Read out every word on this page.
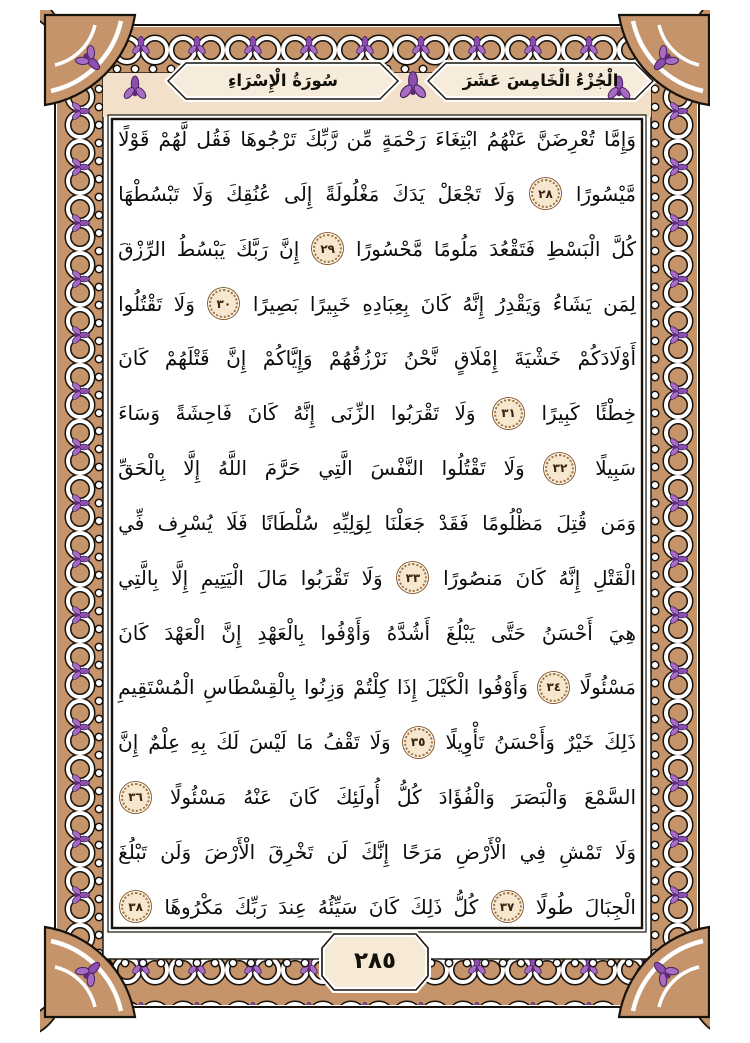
الْجُزْءُ الْخَامِسَ عَشَرَ
سُورَةُ الْإِسْرَاءِ
وَإِمَّا
تُعْرِضَنَّ
عَنْهُمُ
ابْتِغَاءَ
رَحْمَةٍ
مِّن
رَّبِّكَ
تَرْجُوهَا
فَقُل
لَّهُمْ
قَوْلًا
مَّيْسُورًا
٢٨
وَلَا
تَجْعَلْ
يَدَكَ
مَغْلُولَةً
إِلَى
عُنُقِكَ
وَلَا
تَبْسُطْهَا
كُلَّ
الْبَسْطِ
فَتَقْعُدَ
مَلُومًا
مَّحْسُورًا
٢٩
إِنَّ
رَبَّكَ
يَبْسُطُ
الرِّزْقَ
لِمَن
يَشَاءُ
وَيَقْدِرُ
إِنَّهُ
كَانَ
بِعِبَادِهِ
خَبِيرًا
بَصِيرًا
٣٠
وَلَا
تَقْتُلُوا
أَوْلَادَكُمْ
خَشْيَةَ
إِمْلَاقٍ
نَّحْنُ
نَرْزُقُهُمْ
وَإِيَّاكُمْ
إِنَّ
قَتْلَهُمْ
كَانَ
خِطْئًا
كَبِيرًا
٣١
وَلَا
تَقْرَبُوا
الزِّنَى
إِنَّهُ
كَانَ
فَاحِشَةً
وَسَاءَ
سَبِيلًا
٣٢
وَلَا
تَقْتُلُوا
النَّفْسَ
الَّتِي
حَرَّمَ
اللَّهُ
إِلَّا
بِالْحَقِّ
وَمَن
قُتِلَ
مَظْلُومًا
فَقَدْ
جَعَلْنَا
لِوَلِيِّهِ
سُلْطَانًا
فَلَا
يُسْرِف
فِّي
الْقَتْلِ
إِنَّهُ
كَانَ
مَنصُورًا
٣٣
وَلَا
تَقْرَبُوا
مَالَ
الْيَتِيمِ
إِلَّا
بِالَّتِي
هِيَ
أَحْسَنُ
حَتَّى
يَبْلُغَ
أَشُدَّهُ
وَأَوْفُوا
بِالْعَهْدِ
إِنَّ
الْعَهْدَ
كَانَ
مَسْئُولًا
٣٤
وَأَوْفُوا
الْكَيْلَ
إِذَا
كِلْتُمْ
وَزِنُوا
بِالْقِسْطَاسِ
الْمُسْتَقِيمِ
ذَلِكَ
خَيْرٌ
وَأَحْسَنُ
تَأْوِيلًا
٣٥
وَلَا
تَقْفُ
مَا
لَيْسَ
لَكَ
بِهِ
عِلْمٌ
إِنَّ
السَّمْعَ
وَالْبَصَرَ
وَالْفُؤَادَ
كُلُّ
أُولَئِكَ
كَانَ
عَنْهُ
مَسْئُولًا
٣٦
وَلَا
تَمْشِ
فِي
الْأَرْضِ
مَرَحًا
إِنَّكَ
لَن
تَخْرِقَ
الْأَرْضَ
وَلَن
تَبْلُغَ
الْجِبَالَ
طُولًا
٣٧
كُلُّ
ذَلِكَ
كَانَ
سَيِّئُهُ
عِندَ
رَبِّكَ
مَكْرُوهًا
٣٨
٢٨٥
